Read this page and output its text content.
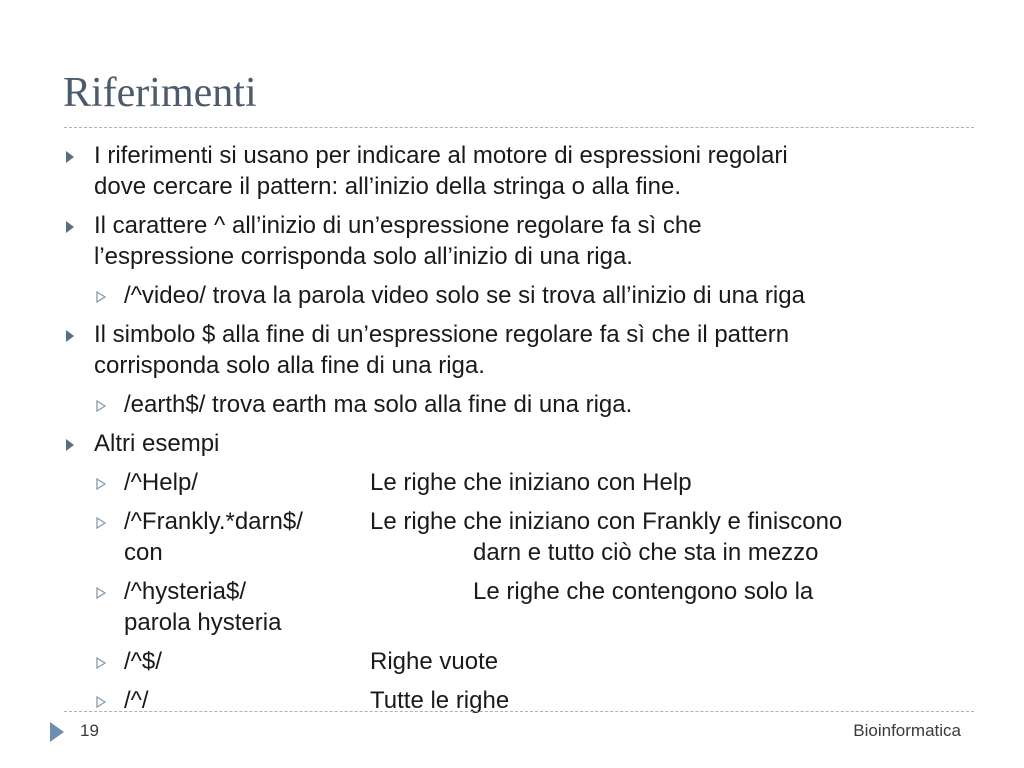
Riferimenti
I riferimenti si usano per indicare al motore di espressioni regolari
dove cercare il pattern: all’inizio della stringa o alla fine.
Il carattere ^ all’inizio di un’espressione regolare fa sì che
l’espressione corrisponda solo all’inizio di una riga.
/^video/ trova la parola video solo se si trova all’inizio di una riga
Il simbolo $ alla fine di un’espressione regolare fa sì che il pattern
corrisponda solo alla fine di una riga.
/earth$/ trova earth ma solo alla fine di una riga.
Altri esempi
/^Help/	Le righe che iniziano con Help
/^Frankly.*darn$/	Le righe che iniziano con Frankly e finiscono
con	darn e tutto ciò che sta in mezzo
/^hysteria$/	Le righe che contengono solo la
parola hysteria
/^$/	Righe vuote
/^/	Tutte le righe
19	Bioinformatica
